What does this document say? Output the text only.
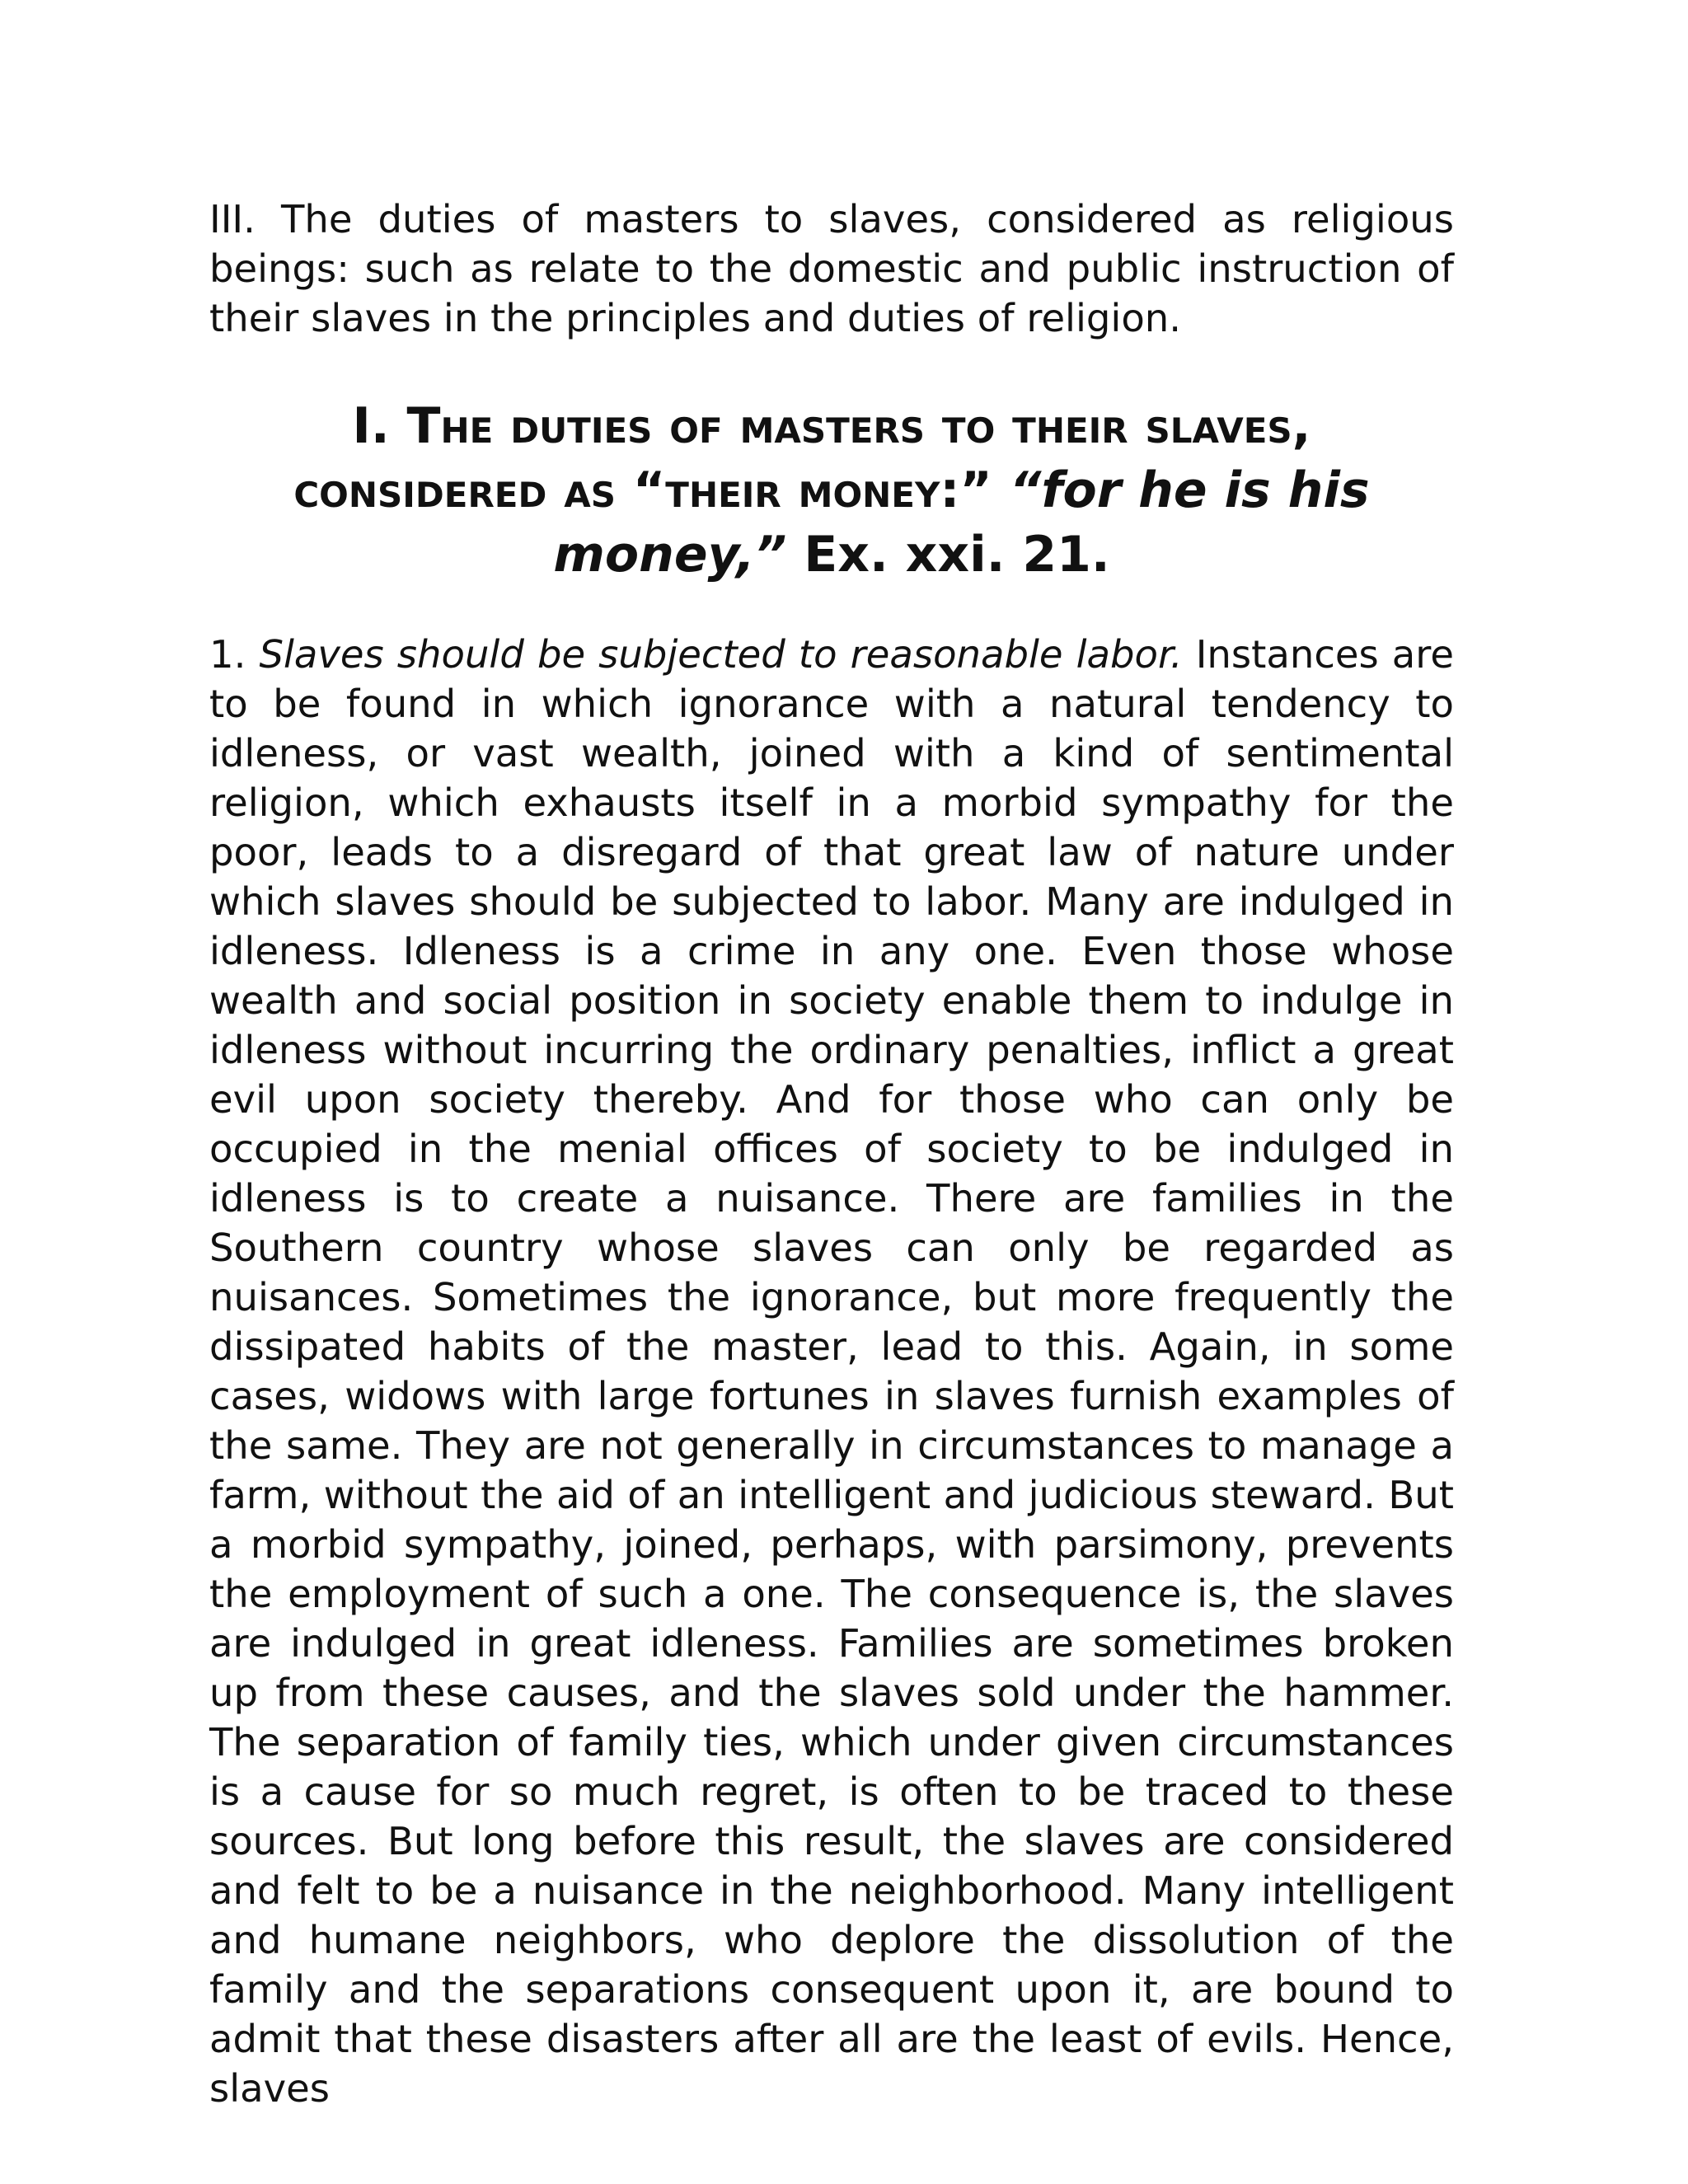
III. The duties of masters to slaves, considered as religious beings: such as relate to the domestic and public instruction of their slaves in the principles and duties of religion.

I. The duties of masters to their slaves, considered as “their money:” “for he is his money,” Ex. xxi. 21.

1. Slaves should be subjected to reasonable labor. Instances are to be found in which ignorance with a natural tendency to idleness, or vast wealth, joined with a kind of sentimental religion, which exhausts itself in a morbid sympathy for the poor, leads to a disregard of that great law of nature under which slaves should be subjected to labor. Many are indulged in idleness. Idleness is a crime in any one. Even those whose wealth and social position in society enable them to indulge in idleness without incurring the ordinary penalties, inflict a great evil upon society thereby. And for those who can only be occupied in the menial offices of society to be indulged in idleness is to create a nuisance. There are families in the Southern country whose slaves can only be regarded as nuisances. Sometimes the ignorance, but more frequently the dissipated habits of the master, lead to this. Again, in some cases, widows with large fortunes in slaves furnish examples of the same. They are not generally in circumstances to manage a farm, without the aid of an intelligent and judicious steward. But a morbid sympathy, joined, perhaps, with parsimony, prevents the employment of such a one. The consequence is, the slaves are indulged in great idleness. Families are sometimes broken up from these causes, and the slaves sold under the hammer. The separation of family ties, which under given circumstances is a cause for so much regret, is often to be traced to these sources. But long before this result, the slaves are considered and felt to be a nuisance in the neighborhood. Many intelligent and humane neighbors, who deplore the dissolution of the family and the separations consequent upon it, are bound to admit that these disasters after all are the least of evils. Hence, slaves
